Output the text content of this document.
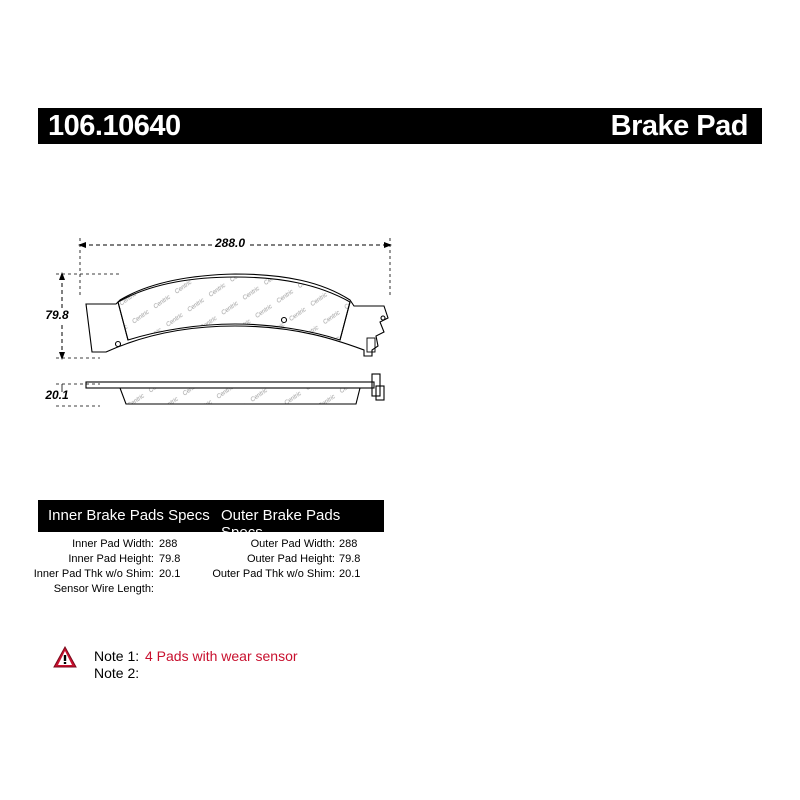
106.10640	Brake Pad
288.0
79.8
20.1
Inner Brake Pads Specs Outer Brake Pads Specs
Inner Pad Width: 288
Inner Pad Height: 79.8
Inner Pad Thk w/o Shim: 20.1
Sensor Wire Length:
Outer Pad Width: 288
Outer Pad Height: 79.8
Outer Pad Thk w/o Shim: 20.1
Note 1: 4 Pads with wear sensor
Note 2:
